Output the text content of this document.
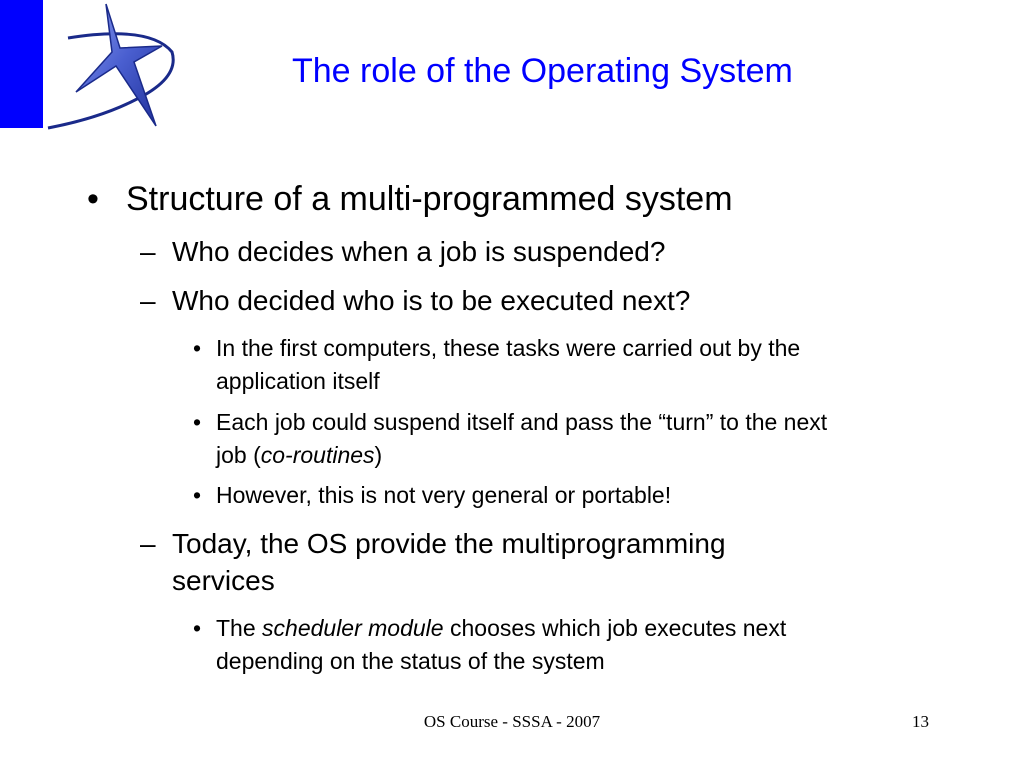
The role of the Operating System
• Structure of a multi-programmed system
– Who decides when a job is suspended?
– Who decided who is to be executed next?
• In the first computers, these tasks were carried out by the
application itself
• Each job could suspend itself and pass the “turn” to the next
job (co-routines)
• However, this is not very general or portable!
– Today, the OS provide the multiprogramming
services
• The scheduler module chooses which job executes next
depending on the status of the system
OS Course - SSSA - 2007	13
